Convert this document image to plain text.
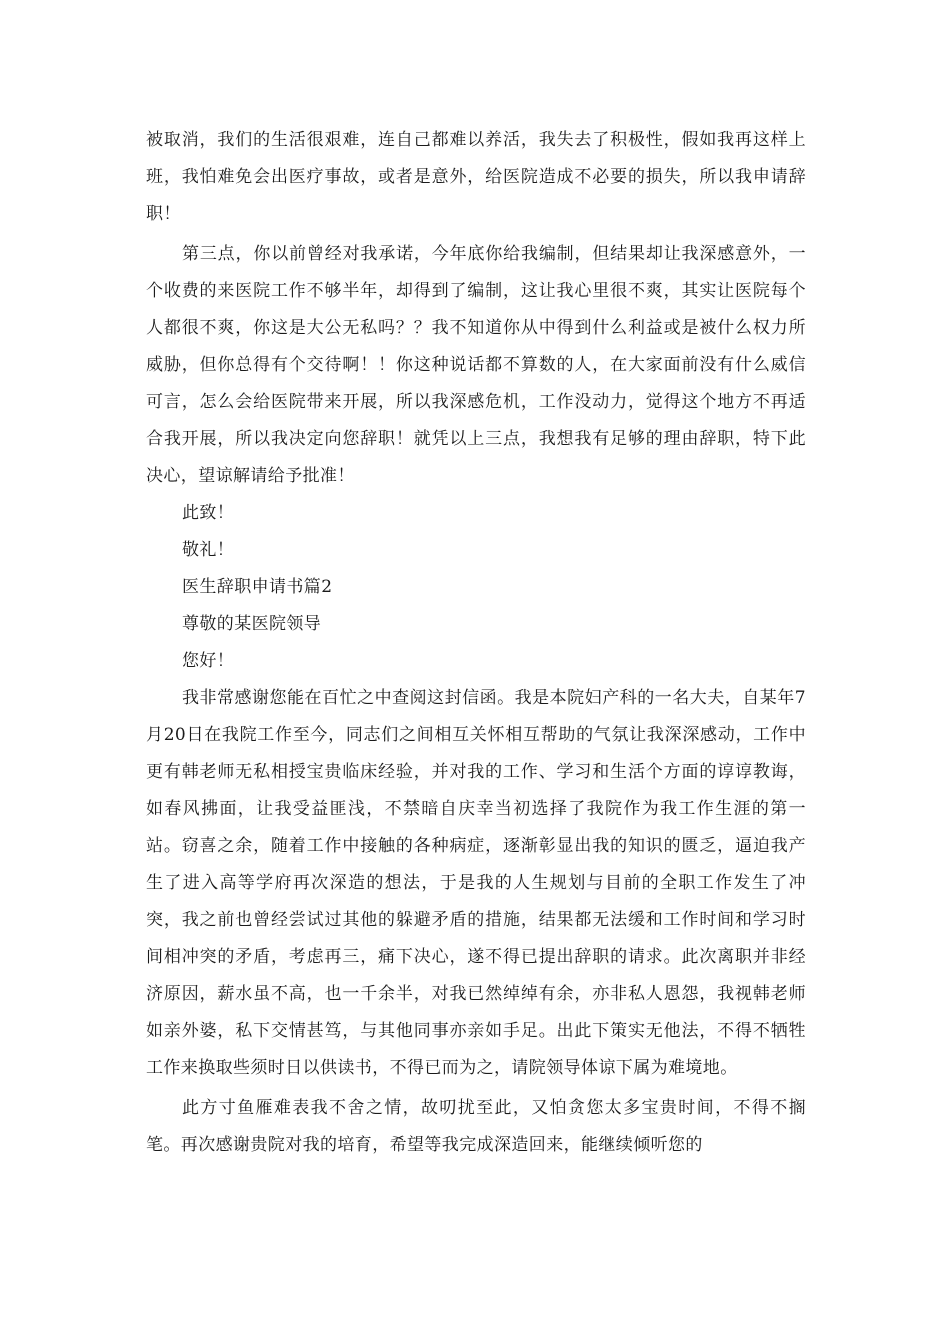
被取消，我们的生活很艰难，连自己都难以养活，我失去了积极性，假如我再这样上班，我怕难免会出医疗事故，或者是意外，给医院造成不必要的损失，所以我申请辞职！

第三点，你以前曾经对我承诺，今年底你给我编制，但结果却让我深感意外，一个收费的来医院工作不够半年，却得到了编制，这让我心里很不爽，其实让医院每个人都很不爽，你这是大公无私吗？？我不知道你从中得到什么利益或是被什么权力所威胁，但你总得有个交待啊！！你这种说话都不算数的人，在大家面前没有什么威信可言，怎么会给医院带来开展，所以我深感危机，工作没动力，觉得这个地方不再适合我开展，所以我决定向您辞职！就凭以上三点，我想我有足够的理由辞职，特下此决心，望谅解请给予批准！

此致！

敬礼！

医生辞职申请书篇2

尊敬的某医院领导

您好！

我非常感谢您能在百忙之中查阅这封信函。我是本院妇产科的一名大夫，自某年7月20日在我院工作至今，同志们之间相互关怀相互帮助的气氛让我深深感动，工作中更有韩老师无私相授宝贵临床经验，并对我的工作、学习和生活个方面的谆谆教诲，如春风拂面，让我受益匪浅，不禁暗自庆幸当初选择了我院作为我工作生涯的第一站。窃喜之余，随着工作中接触的各种病症，逐渐彰显出我的知识的匮乏，逼迫我产生了进入高等学府再次深造的想法，于是我的人生规划与目前的全职工作发生了冲突，我之前也曾经尝试过其他的躲避矛盾的措施，结果都无法缓和工作时间和学习时间相冲突的矛盾，考虑再三，痛下决心，遂不得已提出辞职的请求。此次离职并非经济原因，薪水虽不高，也一千余半，对我已然绰绰有余，亦非私人恩怨，我视韩老师如亲外婆，私下交情甚笃，与其他同事亦亲如手足。出此下策实无他法，不得不牺牲工作来换取些须时日以供读书，不得已而为之，请院领导体谅下属为难境地。

此方寸鱼雁难表我不舍之情，故叨扰至此，又怕贪您太多宝贵时间，不得不搁笔。再次感谢贵院对我的培育，希望等我完成深造回来，能继续倾听您的
